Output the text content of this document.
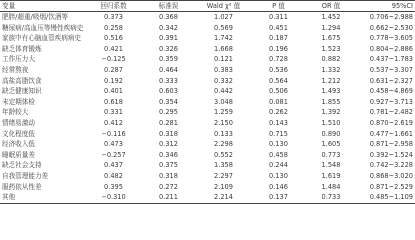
变量	回归系数	标准误	Wald χ² 值	P 值	OR 值	95%CI
肥胖/超重/吸烟/饮酒等	0.373	0.368	1.027	0.311	1.452	0.706~2.988
糖尿病/高血压等慢性疾病史	0.258	0.342	0.569	0.451	1.294	0.662~2.530
家族中有心脑血管疾病病史	0.516	0.391	1.742	0.187	1.675	0.778~3.605
缺乏体育锻炼	0.421	0.326	1.668	0.196	1.523	0.804~2.886
工作压力大	−0.125	0.359	0.121	0.728	0.882	0.437~1.783
经常熬夜	0.287	0.464	0.383	0.536	1.332	0.537~3.307
高盐高脂饮食	0.192	0.333	0.332	0.564	1.212	0.631~2.327
缺乏健康知识	0.401	0.603	0.442	0.506	1.493	0.458~4.869
未定期体检	0.618	0.354	3.048	0.081	1.855	0.927~3.713
年龄较大	0.331	0.295	1.259	0.262	1.392	0.781~2.482
情绪易激动	0.412	0.281	2.150	0.143	1.510	0.870~2.619
文化程度低	−0.116	0.318	0.133	0.715	0.890	0.477~1.661
经济收入低	0.473	0.312	2.298	0.130	1.605	0.871~2.958
睡眠质量差	−0.257	0.346	0.552	0.458	0.773	0.392~1.524
缺乏社会支持	0.437	0.375	1.358	0.244	1.548	0.742~3.228
自我管理能力差	0.482	0.318	2.297	0.130	1.619	0.868~3.020
服药依从性差	0.395	0.272	2.109	0.146	1.484	0.871~2.529
其他	−0.310	0.211	2.214	0.137	0.733	0.485~1.109
